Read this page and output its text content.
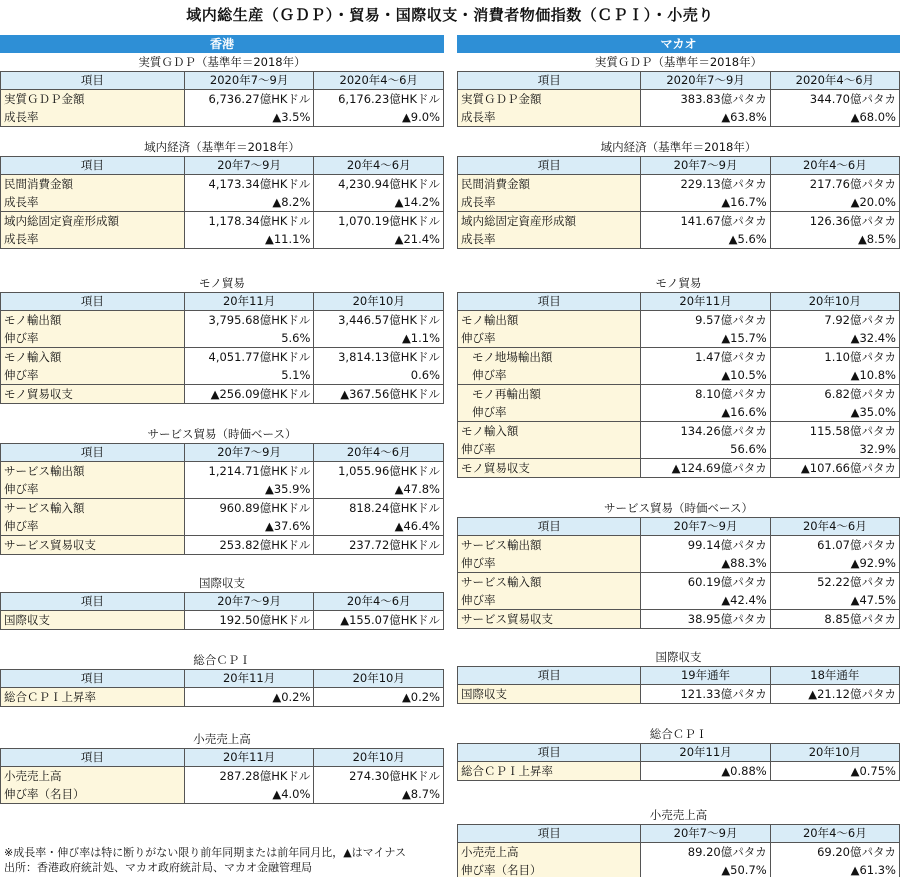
域内総生産（ＧＤＰ）・貿易・国際収支・消費者物価指数（ＣＰＩ）・小売り
香港
実質ＧＤＰ（基準年＝2018年）
項目	2020年7〜9月	2020年4〜6月
実質ＧＤＰ金額	6,736.27億HKドル	6,176.23億HKドル
成長率	▲3.5%	▲9.0%
域内経済（基準年＝2018年）
項目	20年7〜9月	20年4〜6月
民間消費金額	4,173.34億HKドル	4,230.94億HKドル
成長率	▲8.2%	▲14.2%
域内総固定資産形成額	1,178.34億HKドル	1,070.19億HKドル
成長率	▲11.1%	▲21.4%
モノ貿易
項目	20年11月	20年10月
モノ輸出額	3,795.68億HKドル	3,446.57億HKドル
伸び率	5.6%	▲1.1%
モノ輸入額	4,051.77億HKドル	3,814.13億HKドル
伸び率	5.1%	0.6%
モノ貿易収支	▲256.09億HKドル	▲367.56億HKドル
サービス貿易（時価ベース）
項目	20年7〜9月	20年4〜6月
サービス輸出額	1,214.71億HKドル	1,055.96億HKドル
伸び率	▲35.9%	▲47.8%
サービス輸入額	960.89億HKドル	818.24億HKドル
伸び率	▲37.6%	▲46.4%
サービス貿易収支	253.82億HKドル	237.72億HKドル
国際収支
項目	20年7〜9月	20年4〜6月
国際収支	192.50億HKドル	▲155.07億HKドル
総合ＣＰＩ
項目	20年11月	20年10月
総合ＣＰＩ上昇率	▲0.2%	▲0.2%
小売売上高
項目	20年11月	20年10月
小売売上高	287.28億HKドル	274.30億HKドル
伸び率（名目）	▲4.0%	▲8.7%
マカオ
実質ＧＤＰ（基準年＝2018年）
項目	2020年7〜9月	2020年4〜6月
実質ＧＤＰ金額	383.83億パタカ	344.70億パタカ
成長率	▲63.8%	▲68.0%
域内経済（基準年＝2018年）
項目	20年7〜9月	20年4〜6月
民間消費金額	229.13億パタカ	217.76億パタカ
成長率	▲16.7%	▲20.0%
域内総固定資産形成額	141.67億パタカ	126.36億パタカ
成長率	▲5.6%	▲8.5%
モノ貿易
項目	20年11月	20年10月
モノ輸出額	9.57億パタカ	7.92億パタカ
伸び率	▲15.7%	▲32.4%
モノ地場輸出額	1.47億パタカ	1.10億パタカ
伸び率	▲10.5%	▲10.8%
モノ再輸出額	8.10億パタカ	6.82億パタカ
伸び率	▲16.6%	▲35.0%
モノ輸入額	134.26億パタカ	115.58億パタカ
伸び率	56.6%	32.9%
モノ貿易収支	▲124.69億パタカ	▲107.66億パタカ
サービス貿易（時価ベース）
項目	20年7〜9月	20年4〜6月
サービス輸出額	99.14億パタカ	61.07億パタカ
伸び率	▲88.3%	▲92.9%
サービス輸入額	60.19億パタカ	52.22億パタカ
伸び率	▲42.4%	▲47.5%
サービス貿易収支	38.95億パタカ	8.85億パタカ
国際収支
項目	19年通年	18年通年
国際収支	121.33億パタカ	▲21.12億パタカ
総合ＣＰＩ
項目	20年11月	20年10月
総合ＣＰＩ上昇率	▲0.88%	▲0.75%
小売売上高
項目	20年7〜9月	20年4〜6月
小売売上高	89.20億パタカ	69.20億パタカ
伸び率（名目）	▲50.7%	▲61.3%
※成長率・伸び率は特に断りがない限り前年同期または前年同月比，▲はマイナス
出所：香港政府統計処、マカオ政府統計局、マカオ金融管理局
